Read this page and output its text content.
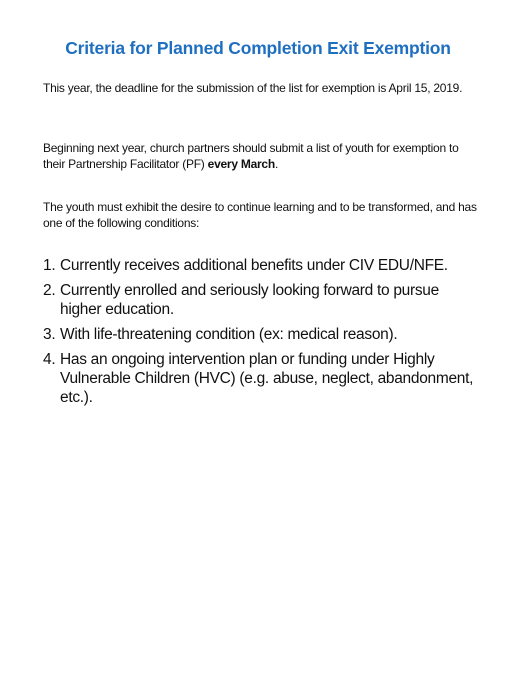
Criteria for Planned Completion Exit Exemption

This year, the deadline for the submission of the list for exemption is April 15, 2019.

Beginning next year, church partners should submit a list of youth for exemption to their Partnership Facilitator (PF) every March.

The youth must exhibit the desire to continue learning and to be transformed, and has one of the following conditions:

1. Currently receives additional benefits under CIV EDU/NFE.
2. Currently enrolled and seriously looking forward to pursue higher education.
3. With life-threatening condition (ex: medical reason).
4. Has an ongoing intervention plan or funding under Highly Vulnerable Children (HVC) (e.g. abuse, neglect, abandonment, etc.).
